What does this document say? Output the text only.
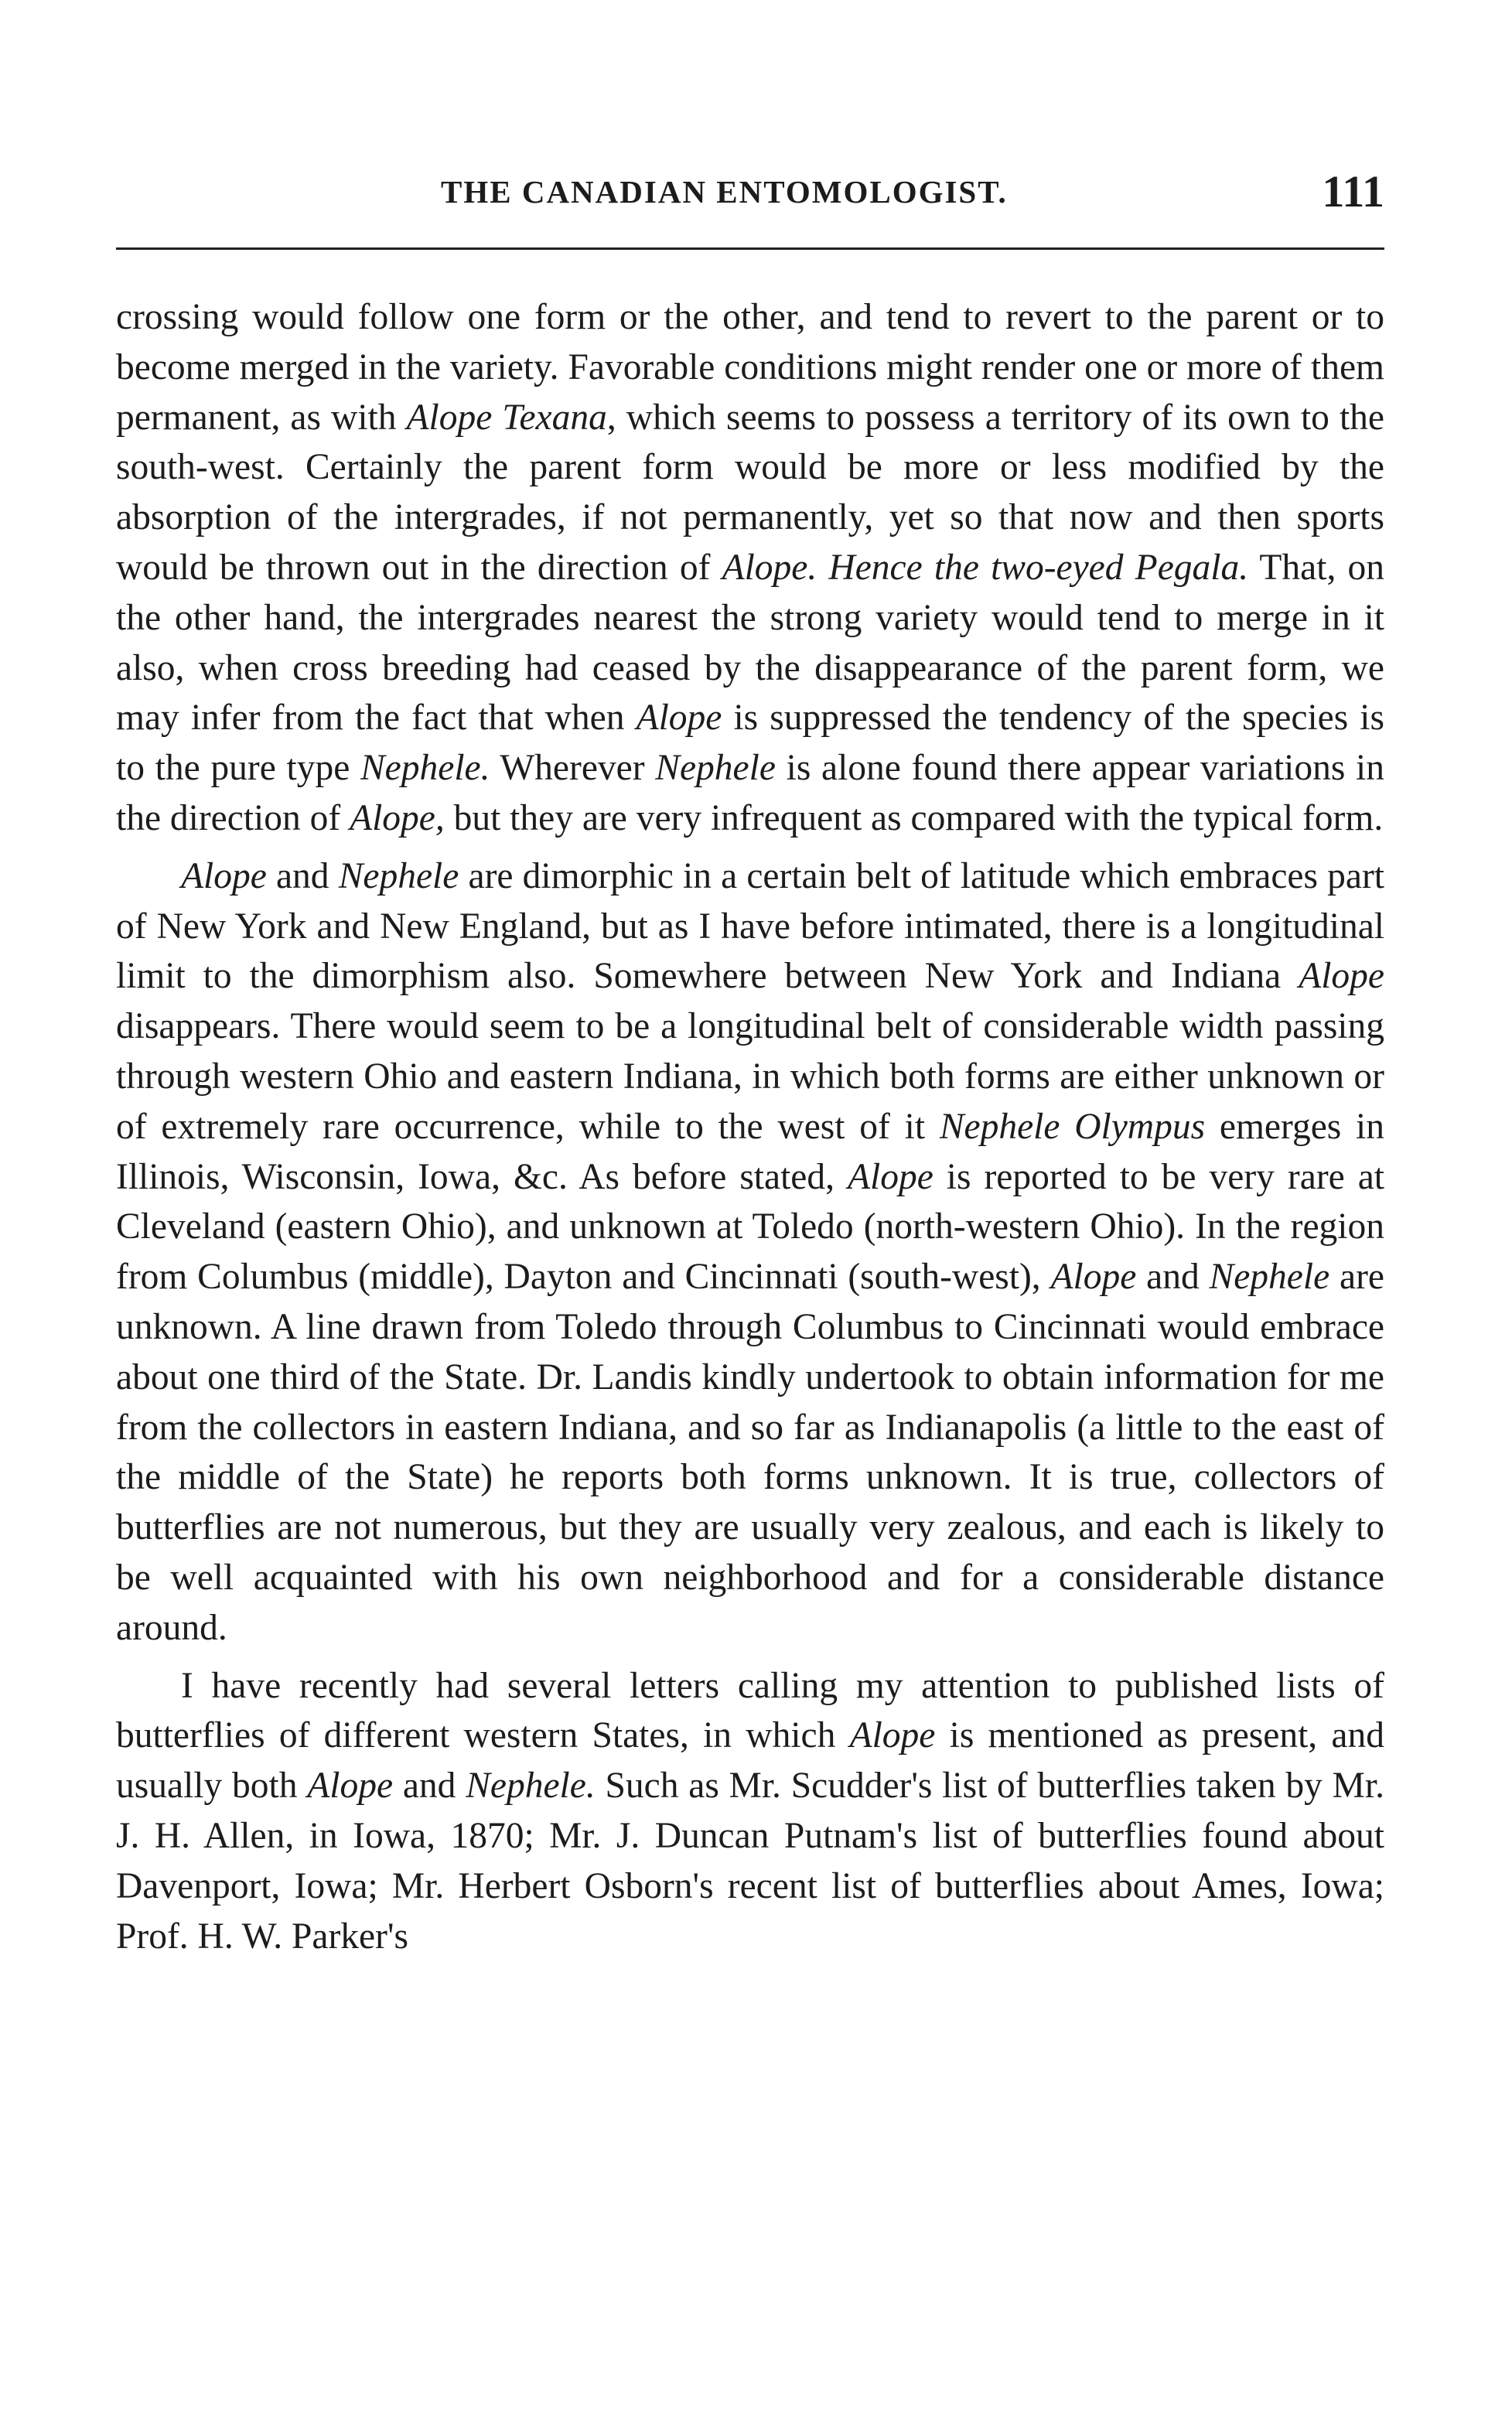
THE CANADIAN ENTOMOLOGIST.	111

crossing would follow one form or the other, and tend to revert to the parent or to become merged in the variety. Favorable conditions might render one or more of them permanent, as with Alope Texana, which seems to possess a territory of its own to the south-west. Certainly the parent form would be more or less modified by the absorption of the intergrades, if not permanently, yet so that now and then sports would be thrown out in the direction of Alope. Hence the two-eyed Pegala. That, on the other hand, the intergrades nearest the strong variety would tend to merge in it also, when cross breeding had ceased by the disappearance of the parent form, we may infer from the fact that when Alope is suppressed the tendency of the species is to the pure type Nephele. Wherever Nephele is alone found there appear variations in the direction of Alope, but they are very infrequent as compared with the typical form.

Alope and Nephele are dimorphic in a certain belt of latitude which embraces part of New York and New England, but as I have before intimated, there is a longitudinal limit to the dimorphism also. Somewhere between New York and Indiana Alope disappears. There would seem to be a longitudinal belt of considerable width passing through western Ohio and eastern Indiana, in which both forms are either unknown or of extremely rare occurrence, while to the west of it Nephele Olympus emerges in Illinois, Wisconsin, Iowa, &c. As before stated, Alope is reported to be very rare at Cleveland (eastern Ohio), and unknown at Toledo (north-western Ohio). In the region from Columbus (middle), Dayton and Cincinnati (south-west), Alope and Nephele are unknown. A line drawn from Toledo through Columbus to Cincinnati would embrace about one third of the State. Dr. Landis kindly undertook to obtain information for me from the collectors in eastern Indiana, and so far as Indianapolis (a little to the east of the middle of the State) he reports both forms unknown. It is true, collectors of butterflies are not numerous, but they are usually very zealous, and each is likely to be well acquainted with his own neighborhood and for a considerable distance around.

I have recently had several letters calling my attention to published lists of butterflies of different western States, in which Alope is mentioned as present, and usually both Alope and Nephele. Such as Mr. Scudder's list of butterflies taken by Mr. J. H. Allen, in Iowa, 1870; Mr. J. Duncan Putnam's list of butterflies found about Davenport, Iowa; Mr. Herbert Osborn's recent list of butterflies about Ames, Iowa; Prof. H. W. Parker's
